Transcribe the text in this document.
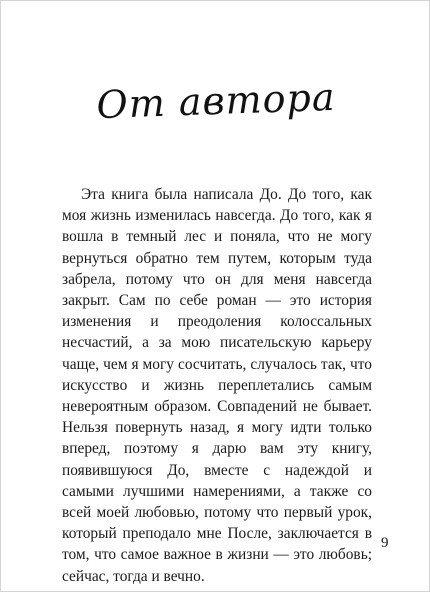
От автора

Эта книга была написала До. До того, как моя жизнь изменилась навсегда. До того, как я вошла в темный лес и поняла, что не могу вернуться обратно тем путем, которым туда забрела, потому что он для меня навсегда закрыт. Сам по себе роман — это история изменения и преодоления колоссальных несчастий, а за мою писательскую карьеру чаще, чем я могу сосчитать, случалось так, что искусство и жизнь переплетались самым невероятным образом. Совпадений не бывает. Нельзя повернуть назад, я могу идти только вперед, поэтому я дарю вам эту книгу, появившуюся До, вместе с надеждой и самыми лучшими намерениями, а также со всей моей любовью, потому что первый урок, который преподало мне После, заключается в том, что самое важное в жизни — это любовь; сейчас, тогда и вечно.

9
